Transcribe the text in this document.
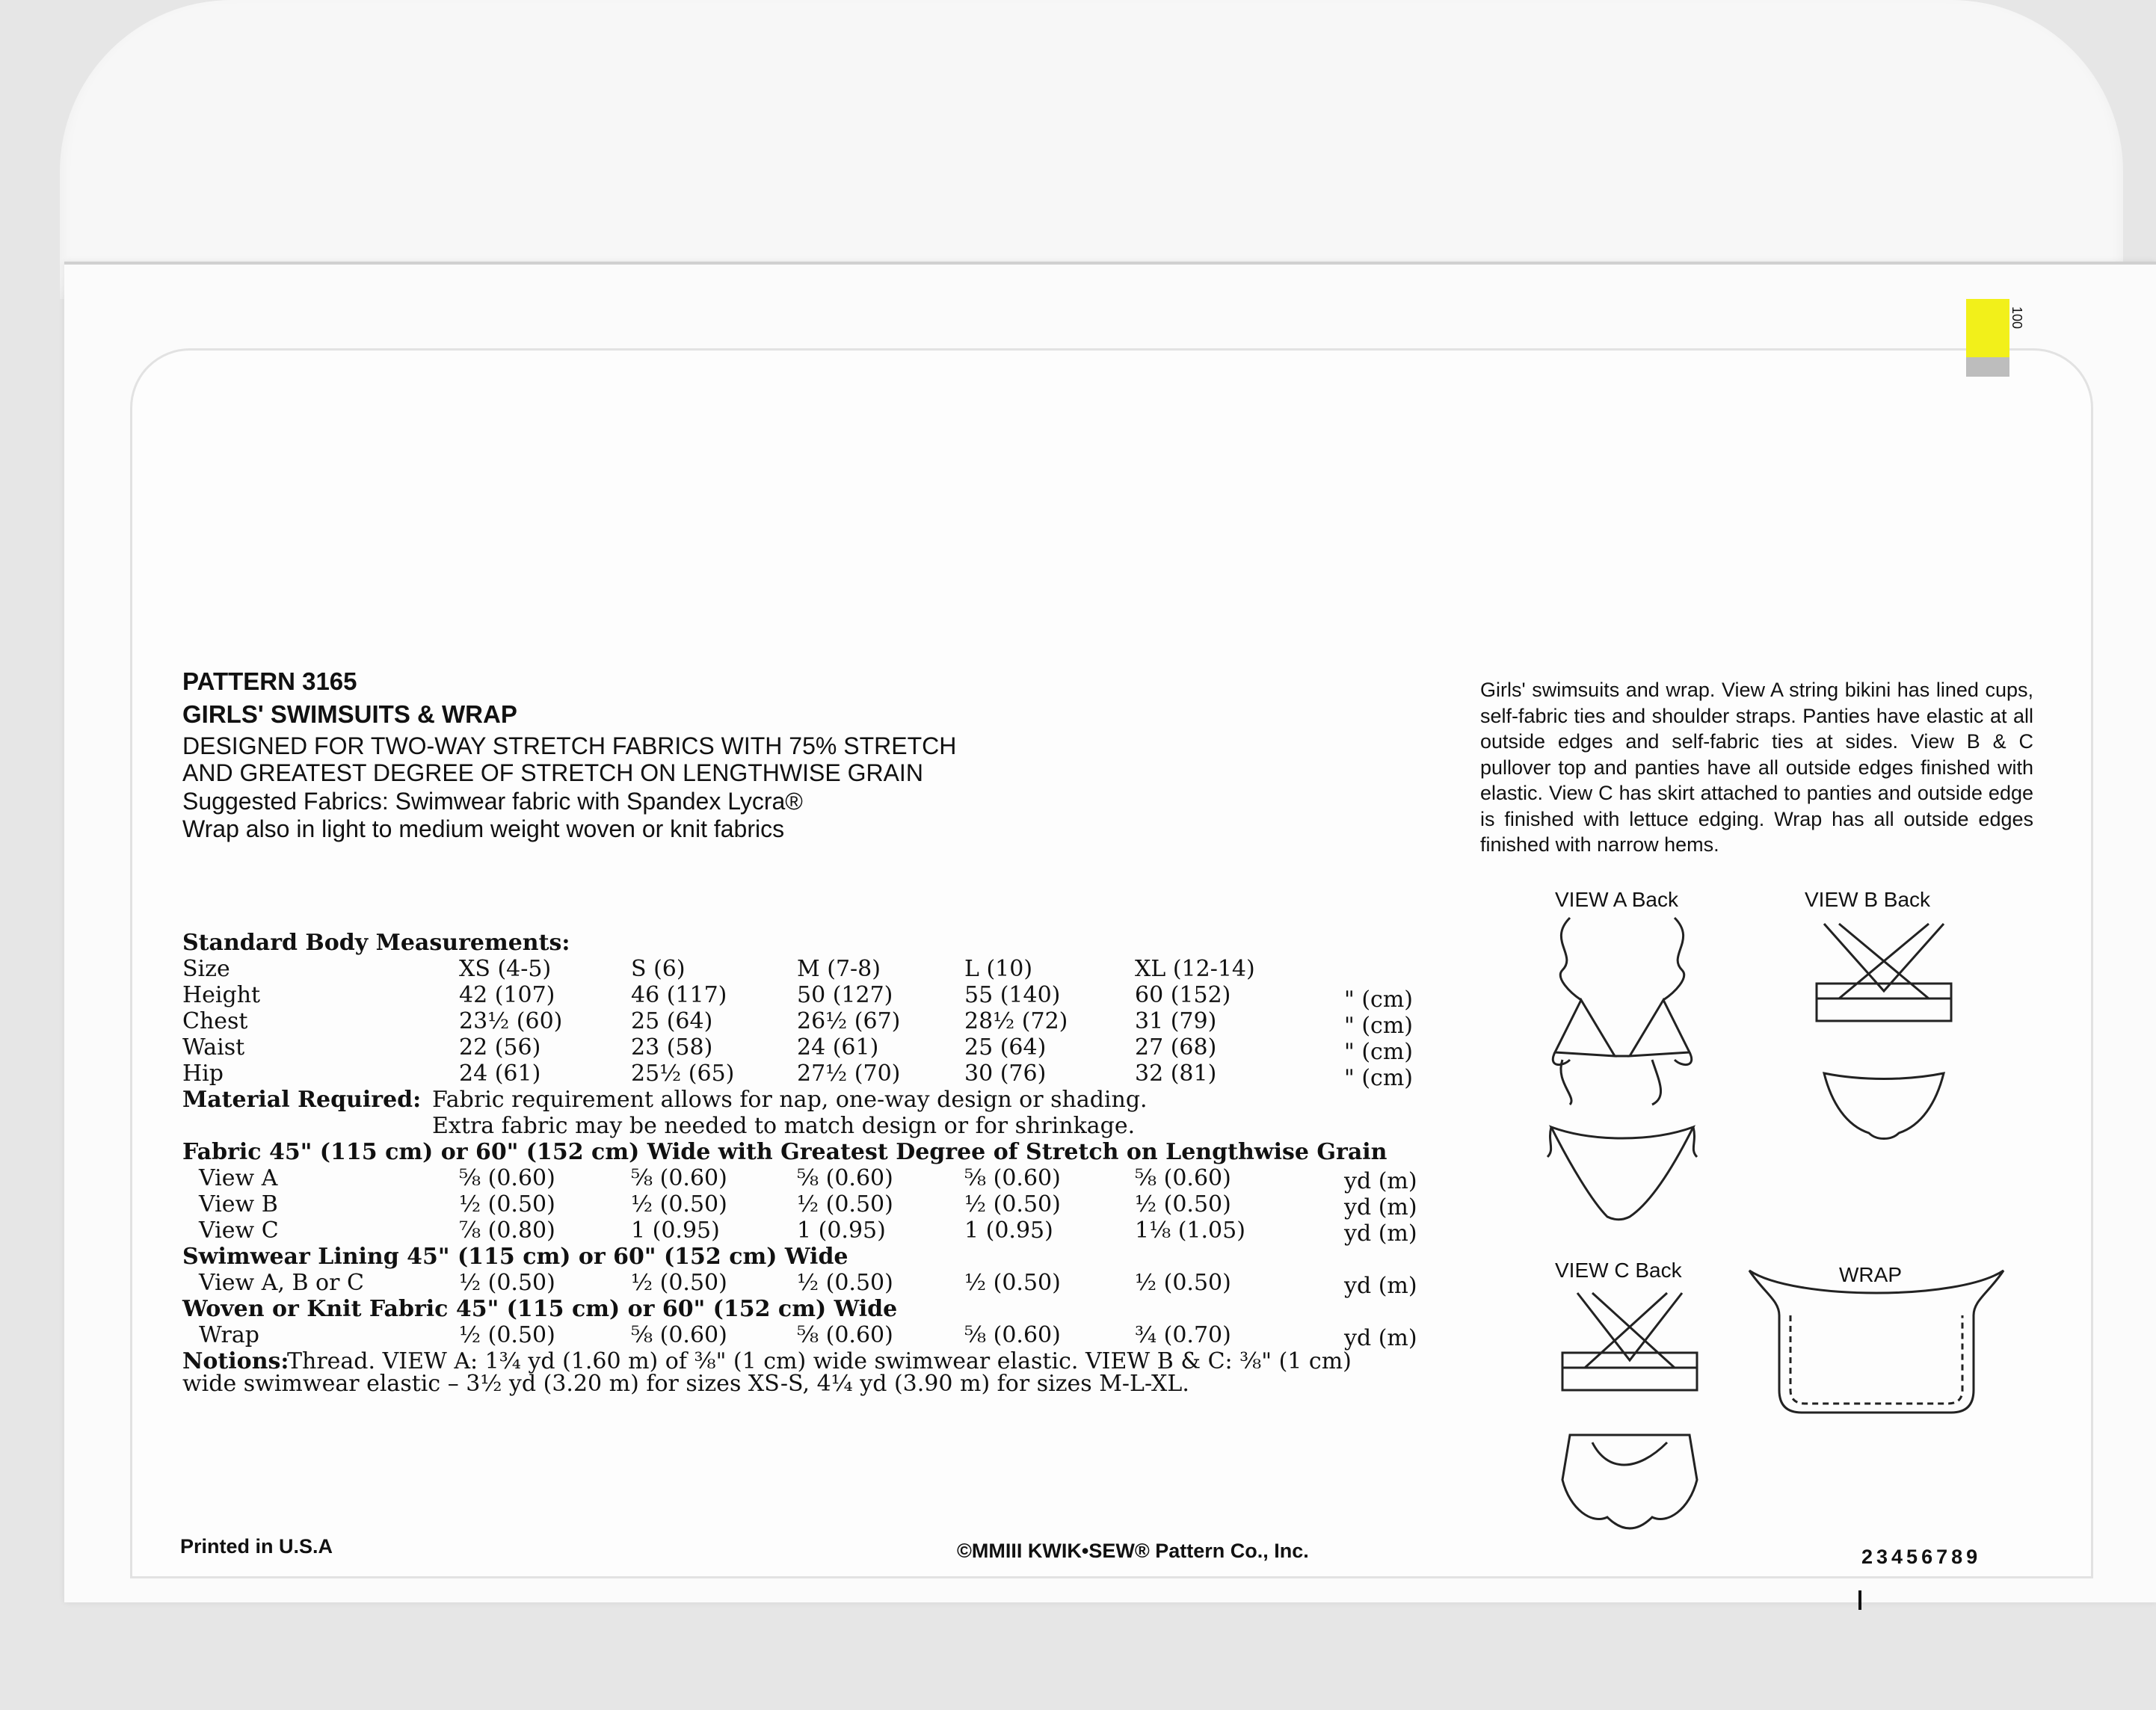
100
PATTERN 3165
GIRLS' SWIMSUITS & WRAP
DESIGNED FOR TWO-WAY STRETCH FABRICS WITH 75% STRETCH
AND GREATEST DEGREE OF STRETCH ON LENGTHWISE GRAIN
Suggested Fabrics: Swimwear fabric with Spandex Lycra®
Wrap also in light to medium weight woven or knit fabrics
Standard Body Measurements:
Size	XS (4-5)	S (6)	M (7-8)	L (10)	XL (12-14)
Height	42 (107)	46 (117)	50 (127)	55 (140)	60 (152)	" (cm)
Chest	23½ (60)	25 (64)	26½ (67)	28½ (72)	31 (79)	" (cm)
Waist	22 (56)	23 (58)	24 (61)	25 (64)	27 (68)	" (cm)
Hip	24 (61)	25½ (65)	27½ (70)	30 (76)	32 (81)	" (cm)
Material Required: Fabric requirement allows for nap, one-way design or shading.
Extra fabric may be needed to match design or for shrinkage.
Fabric 45" (115 cm) or 60" (152 cm) Wide with Greatest Degree of Stretch on Lengthwise Grain
View A	⅝ (0.60)	⅝ (0.60)	⅝ (0.60)	⅝ (0.60)	⅝ (0.60)	yd (m)
View B	½ (0.50)	½ (0.50)	½ (0.50)	½ (0.50)	½ (0.50)	yd (m)
View C	⅞ (0.80)	1 (0.95)	1 (0.95)	1 (0.95)	1⅛ (1.05)	yd (m)
Swimwear Lining 45" (115 cm) or 60" (152 cm) Wide
View A, B or C	½ (0.50)	½ (0.50)	½ (0.50)	½ (0.50)	½ (0.50)	yd (m)
Woven or Knit Fabric 45" (115 cm) or 60" (152 cm) Wide
Wrap	½ (0.50)	⅝ (0.60)	⅝ (0.60)	⅝ (0.60)	¾ (0.70)	yd (m)
Notions:
Thread. VIEW A: 1¾ yd (1.60 m) of ⅜" (1 cm) wide swimwear elastic. VIEW B & C: ⅜" (1 cm)
wide swimwear elastic – 3½ yd (3.20 m) for sizes XS-S, 4¼ yd (3.90 m) for sizes M-L-XL.
Girls' swimsuits and wrap. View A string bikini has lined cups, self-fabric ties and shoulder straps. Panties have elastic at all outside edges and self-fabric ties at sides. View B & C pullover top and panties have all outside edges finished with elastic. View C has skirt attached to panties and outside edge is finished with lettuce edging. Wrap has all outside edges finished with narrow hems.
VIEW A Back	VIEW B Back
VIEW C Back	WRAP
Printed in U.S.A	©MMIII KWIK•SEW® Pattern Co., Inc.	23456789
